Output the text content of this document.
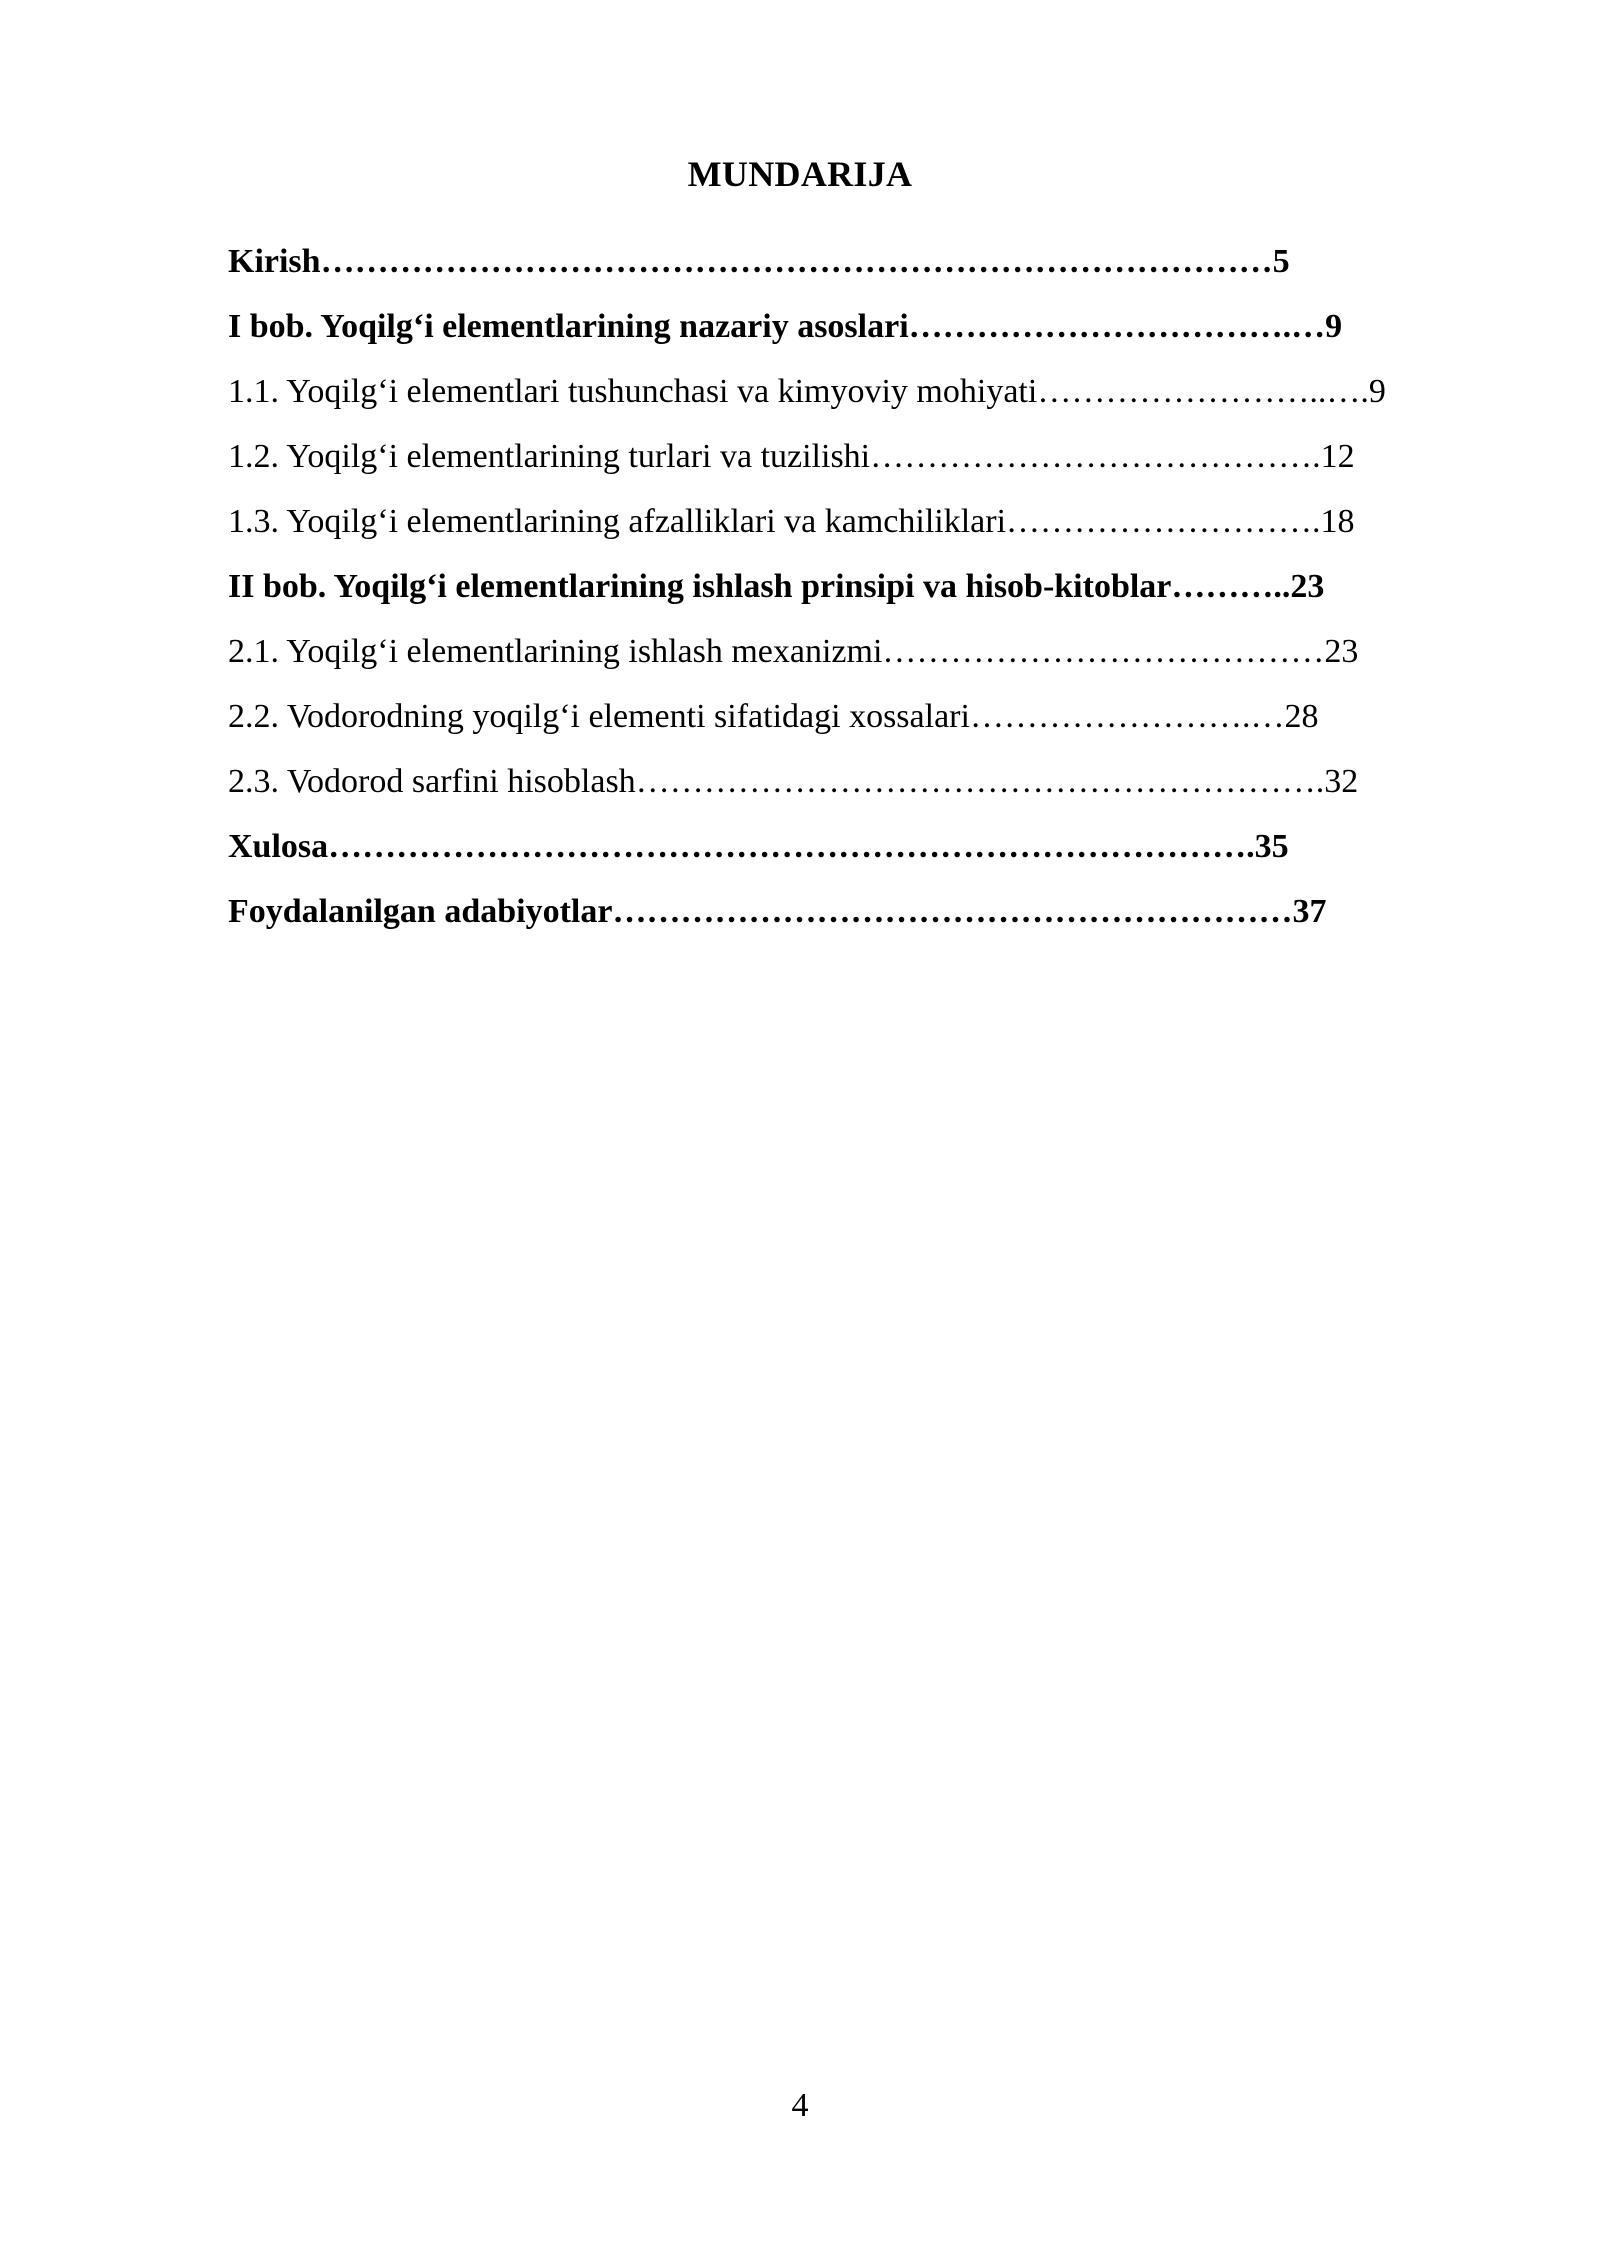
MUNDARIJA
Kirish…………………………………………………………………………5
I bob. Yoqilg‘i elementlarining nazariy asoslari…………………………….…9
1.1. Yoqilg‘i elementlari tushunchasi va kimyoviy mohiyati……………………..….9
1.2. Yoqilg‘i elementlarining turlari va tuzilishi………………………………….12
1.3. Yoqilg‘i elementlarining afzalliklari va kamchiliklari……………………….18
II bob. Yoqilg‘i elementlarining ishlash prinsipi va hisob-kitoblar………..23
2.1. Yoqilg‘i elementlarining ishlash mexanizmi…………………………………23
2.2. Vodorodning yoqilg‘i elementi sifatidagi xossalari…………………….…28
2.3. Vodorod sarfini hisoblash…………………………………………………….32
Xulosa……………………………………………………………………….35
Foydalanilgan adabiyotlar……………………………………………………37
4
